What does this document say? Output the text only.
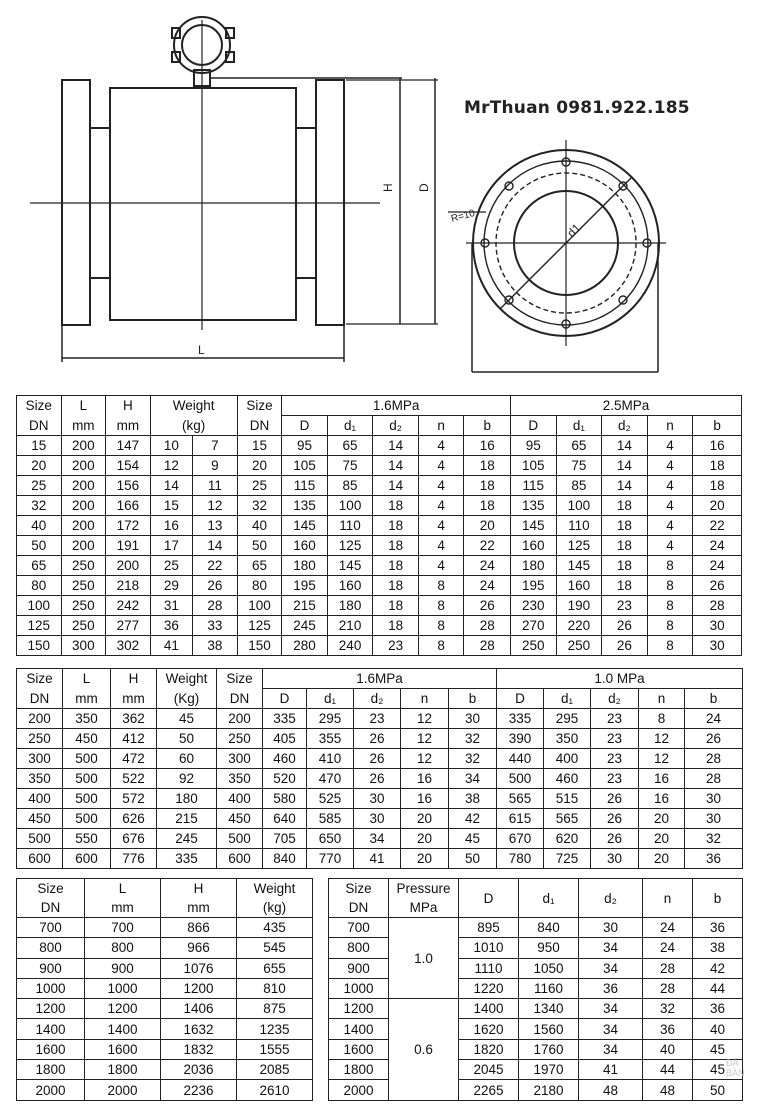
L
H D
d1
R=10
MrThuan 0981.922.185
Size	L	H	Weight		Size	1.6MPa					2.5MPa				
DN	mm	mm	(kg)		DN	D	d₁	d₂	n	b	D	d₁	d₂	n	b
15	200	147	10	7	15	95	65	14	4	16	95	65	14	4	16
20	200	154	12	9	20	105	75	14	4	18	105	75	14	4	18
25	200	156	14	11	25	115	85	14	4	18	115	85	14	4	18
32	200	166	15	12	32	135	100	18	4	18	135	100	18	4	20
40	200	172	16	13	40	145	110	18	4	20	145	110	18	4	22
50	200	191	17	14	50	160	125	18	4	22	160	125	18	4	24
65	250	200	25	22	65	180	145	18	4	24	180	145	18	8	24
80	250	218	29	26	80	195	160	18	8	24	195	160	18	8	26
100	250	242	31	28	100	215	180	18	8	26	230	190	23	8	28
125	250	277	36	33	125	245	210	18	8	28	270	220	26	8	30
150	300	302	41	38	150	280	240	23	8	28	250	250	26	8	30
Size	L	H	Weight	Size	1.6MPa					1.0 MPa				
DN	mm	mm	(Kg)	DN	D	d₁	d₂	n	b	D	d₁	d₂	n	b
200	350	362	45	200	335	295	23	12	30	335	295	23	8	24
250	450	412	50	250	405	355	26	12	32	390	350	23	12	26
300	500	472	60	300	460	410	26	12	32	440	400	23	12	28
350	500	522	92	350	520	470	26	16	34	500	460	23	16	28
400	500	572	180	400	580	525	30	16	38	565	515	26	16	30
450	500	626	215	450	640	585	30	20	42	615	565	26	20	30
500	550	676	245	500	705	650	34	20	45	670	620	26	20	32
600	600	776	335	600	840	770	41	20	50	780	725	30	20	36
Size	L	H	Weight
DN	mm	mm	(kg)
700	700	866	435
800	800	966	545
900	900	1076	655
1000	1000	1200	810
1200	1200	1406	875
1400	1400	1632	1235
1600	1600	1832	1555
1800	1800	2036	2085
2000	2000	2236	2610
Size	Pressure	D	d₁	d₂	n	b
DN	MPa					
700	1.0	895	840	30	24	36
800		1010	950	34	24	38
900		1110	1050	34	28	42
1000		1220	1160	36	28	44
1200	0.6	1400	1340	34	32	36
1400		1620	1560	34	36	40
1600		1820	1760	34	40	45
1800		2045	1970	41	44	45
2000		2265	2180	48	48	50
ĐÃ
BÁN
